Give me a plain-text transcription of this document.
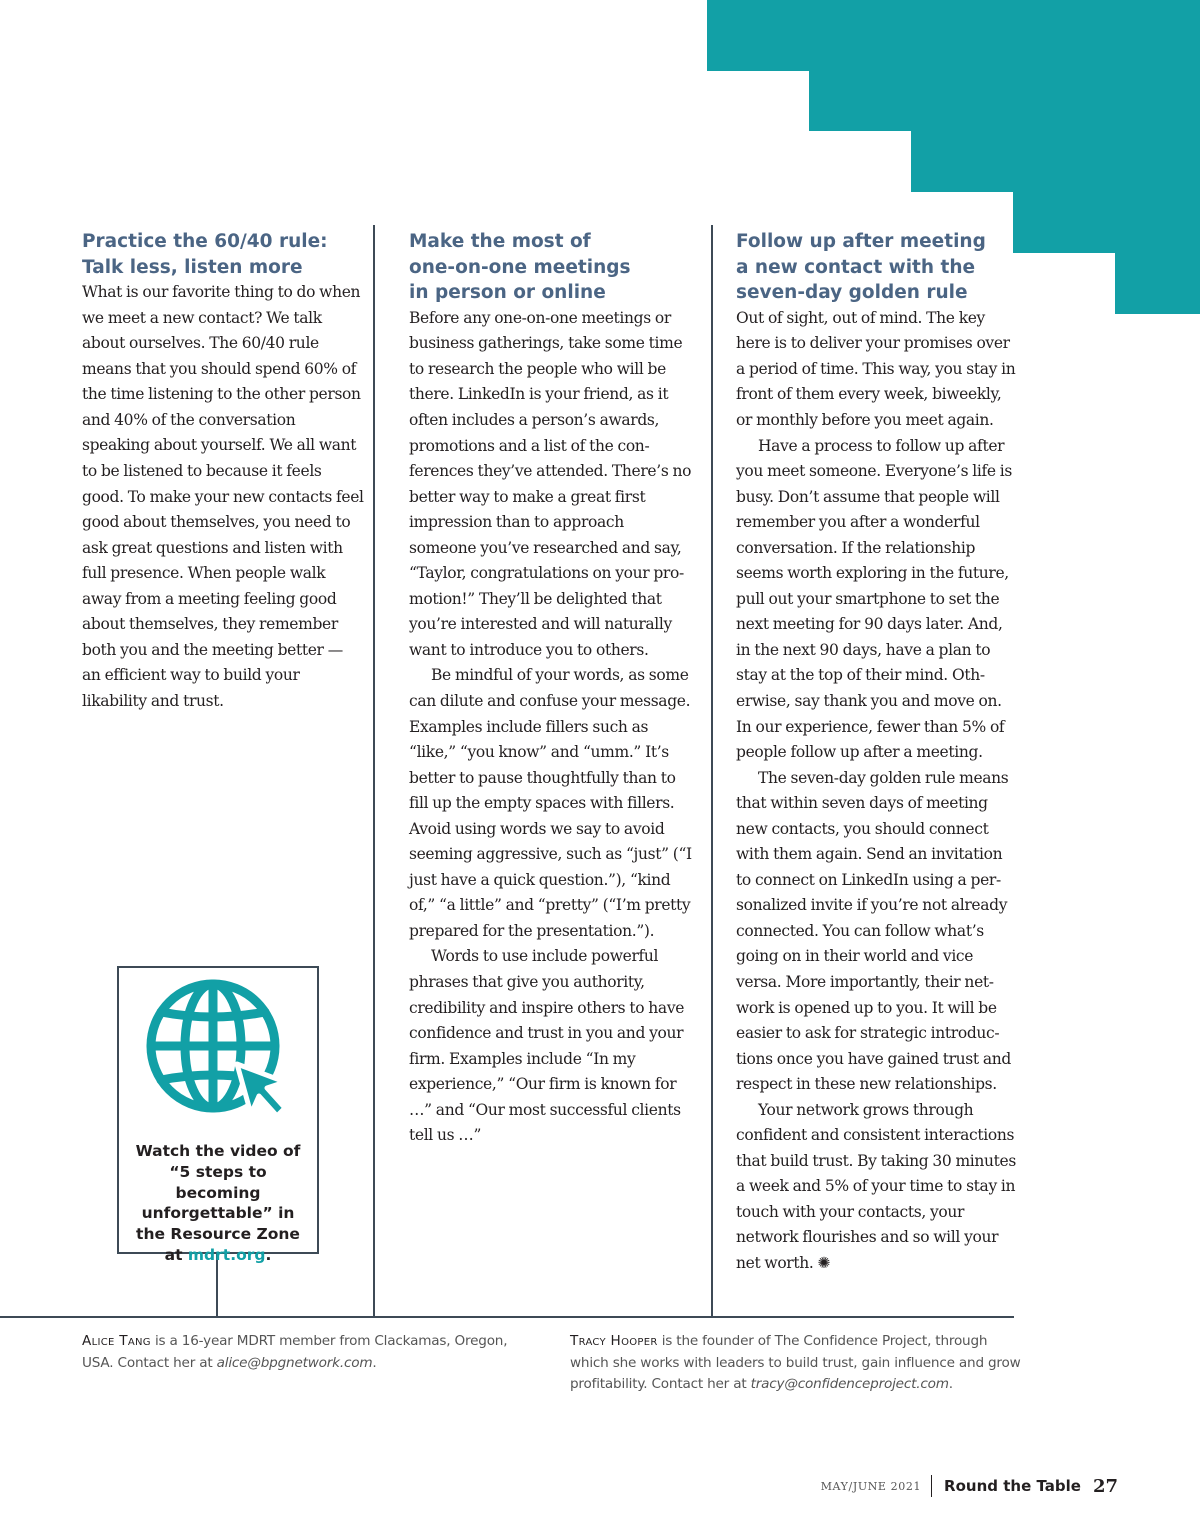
Practice the 60/40 rule:
Talk less, listen more

What is our favorite thing to do when we meet a new contact? We talk about ourselves. The 60/40 rule means that you should spend 60% of the time listening to the other person and 40% of the conversation speaking about yourself. We all want to be listened to because it feels good. To make your new contacts feel good about themselves, you need to ask great questions and listen with full presence. When people walk away from a meeting feeling good about themselves, they remember both you and the meeting better — an efficient way to build your likability and trust.

Make the most of
one-on-one meetings
in person or online

Before any one-on-one meetings or business gatherings, take some time to research the people who will be there. LinkedIn is your friend, as it often includes a person’s awards, promotions and a list of the conferences they’ve attended. There’s no better way to make a great first impression than to approach someone you’ve researched and say, “Taylor, congratulations on your promotion!” They’ll be delighted that you’re interested and will naturally want to introduce you to others.

Be mindful of your words, as some can dilute and confuse your message. Examples include fillers such as “like,” “you know” and “umm.” It’s better to pause thoughtfully than to fill up the empty spaces with fillers. Avoid using words we say to avoid seeming aggressive, such as “just” (“I just have a quick question.”), “kind of,” “a little” and “pretty” (“I’m pretty prepared for the presentation.”).

Words to use include powerful phrases that give you authority, credibility and inspire others to have confidence and trust in you and your firm. Examples include “In my experience,” “Our firm is known for …” and “Our most successful clients tell us …”

Follow up after meeting
a new contact with the
seven-day golden rule

Out of sight, out of mind. The key here is to deliver your promises over a period of time. This way, you stay in front of them every week, biweekly, or monthly before you meet again.

Have a process to follow up after you meet someone. Everyone’s life is busy. Don’t assume that people will remember you after a wonderful conversation. If the relationship seems worth exploring in the future, pull out your smartphone to set the next meeting for 90 days later. And, in the next 90 days, have a plan to stay at the top of their mind. Otherwise, say thank you and move on. In our experience, fewer than 5% of people follow up after a meeting.

The seven-day golden rule means that within seven days of meeting new contacts, you should connect with them again. Send an invitation to connect on LinkedIn using a personalized invite if you’re not already connected. You can follow what’s going on in their world and vice versa. More importantly, their network is opened up to you. It will be easier to ask for strategic introductions once you have gained trust and respect in these new relationships.

Your network grows through confident and consistent interactions that build trust. By taking 30 minutes a week and 5% of your time to stay in touch with your contacts, your network flourishes and so will your net worth. ✺

Watch the video of “5 steps to becoming unforgettable” in the Resource Zone at mdrt.org.
Alice Tang is a 16-year MDRT member from Clackamas, Oregon, USA. Contact her at alice@bpgnetwork.com.
Tracy Hooper is the founder of The Confidence Project, through which she works with leaders to build trust, gain influence and grow profitability. Contact her at tracy@confidenceproject.com.
MAY/JUNE 2021 Round the Table 27
